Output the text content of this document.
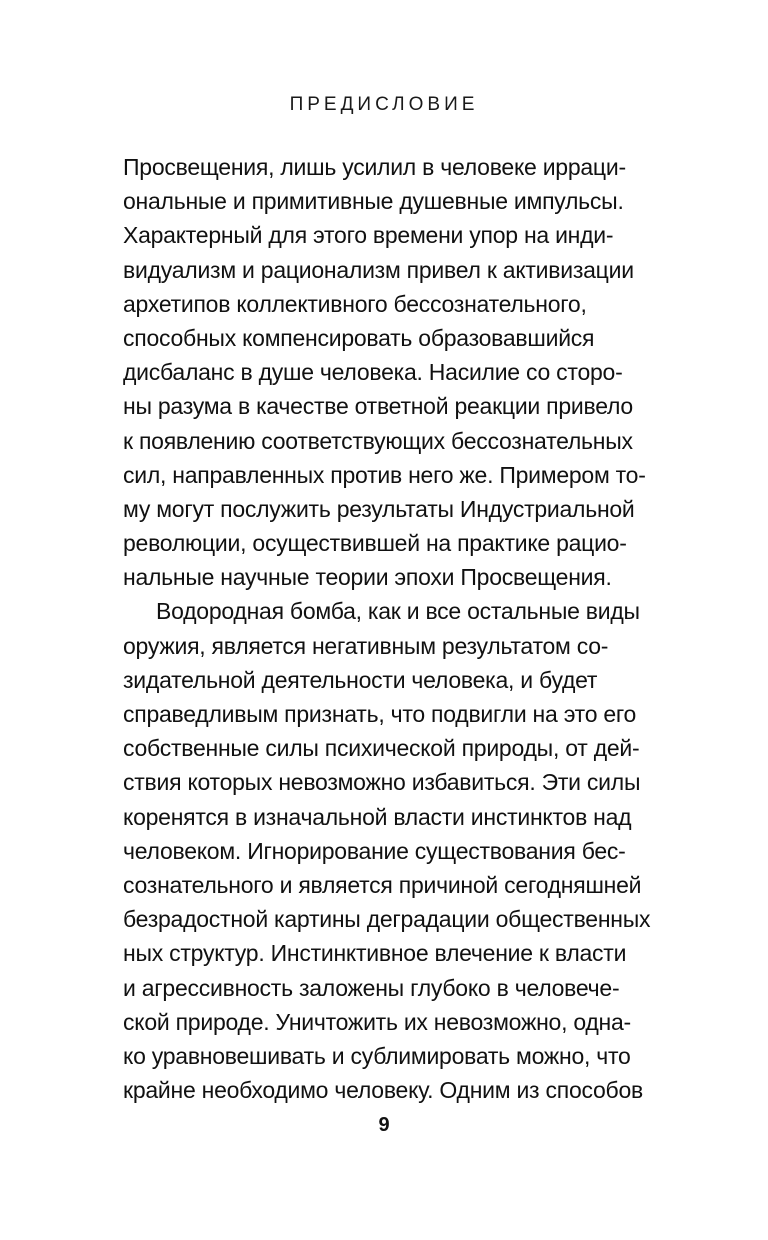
ПРЕДИСЛОВИЕ
Просвещения, лишь усилил в человеке ирраци-
ональные и примитивные душевные импульсы.
Характерный для этого времени упор на инди-
видуализм и рационализм привел к активизации
архетипов коллективного бессознательного,
способных компенсировать образовавшийся
дисбаланс в душе человека. Насилие со сторо-
ны разума в качестве ответной реакции привело
к появлению соответствующих бессознательных
сил, направленных против него же. Примером то-
му могут послужить результаты Индустриальной
революции, осуществившей на практике рацио-
нальные научные теории эпохи Просвещения.
Водородная бомба, как и все остальные виды
оружия, является негативным результатом со-
зидательной деятельности человека, и будет
справедливым признать, что подвигли на это его
собственные силы психической природы, от дей-
ствия которых невозможно избавиться. Эти силы
коренятся в изначальной власти инстинктов над
человеком. Игнорирование существования бес-
сознательного и является причиной сегодняшней
безрадостной картины деградации общественных
ных структур. Инстинктивное влечение к власти
и агрессивность заложены глубоко в человече-
ской природе. Уничтожить их невозможно, одна-
ко уравновешивать и сублимировать можно, что
крайне необходимо человеку. Одним из способов
9
